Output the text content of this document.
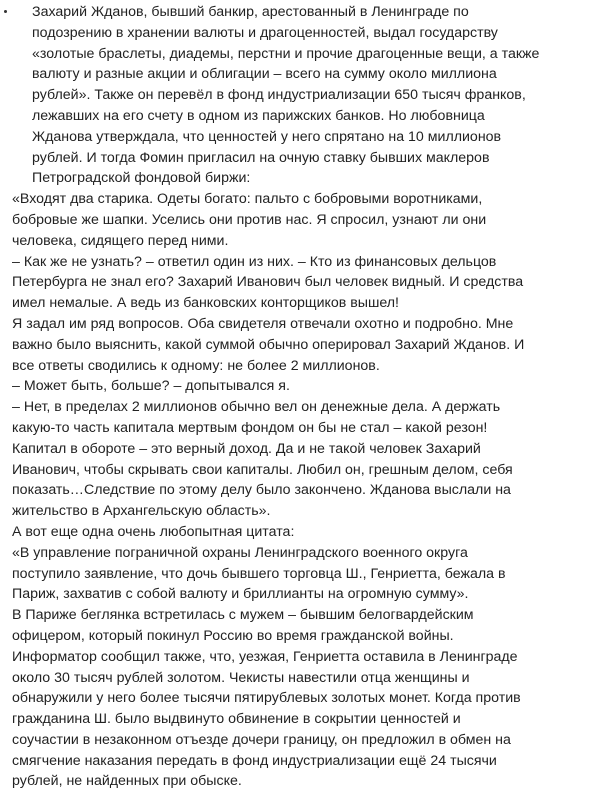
Захарий Жданов, бывший банкир, арестованный в Ленинграде по
подозрению в хранении валюты и драгоценностей, выдал государству
«золотые браслеты, диадемы, перстни и прочие драгоценные вещи, а также
валюту и разные акции и облигации – всего на сумму около миллиона
рублей». Также он перевёл в фонд индустриализации 650 тысяч франков,
лежавших на его счету в одном из парижских банков. Но любовница
Жданова утверждала, что ценностей у него спрятано на 10 миллионов
рублей. И тогда Фомин пригласил на очную ставку бывших маклеров
Петроградской фондовой биржи:
«Входят два старика. Одеты богато: пальто с бобровыми воротниками,
бобровые же шапки. Уселись они против нас. Я спросил, узнают ли они
человека, сидящего перед ними.
– Как же не узнать? – ответил один из них. – Кто из финансовых дельцов
Петербурга не знал его? Захарий Иванович был человек видный. И средства
имел немалые. А ведь из банковских конторщиков вышел!
Я задал им ряд вопросов. Оба свидетеля отвечали охотно и подробно. Мне
важно было выяснить, какой суммой обычно оперировал Захарий Жданов. И
все ответы сводились к одному: не более 2 миллионов.
– Может быть, больше? – допытывался я.
– Нет, в пределах 2 миллионов обычно вел он денежные дела. А держать
какую-то часть капитала мертвым фондом он бы не стал – какой резон!
Капитал в обороте – это верный доход. Да и не такой человек Захарий
Иванович, чтобы скрывать свои капиталы. Любил он, грешным делом, себя
показать…Следствие по этому делу было закончено. Жданова выслали на
жительство в Архангельскую область».
А вот еще одна очень любопытная цитата:
«В управление пограничной охраны Ленинградского военного округа
поступило заявление, что дочь бывшего торговца Ш., Генриетта, бежала в
Париж, захватив с собой валюту и бриллианты на огромную сумму».
В Париже беглянка встретилась с мужем – бывшим белогвардейским
офицером, который покинул Россию во время гражданской войны.
Информатор сообщил также, что, уезжая, Генриетта оставила в Ленинграде
около 30 тысяч рублей золотом. Чекисты навестили отца женщины и
обнаружили у него более тысячи пятирублевых золотых монет. Когда против
гражданина Ш. было выдвинуто обвинение в сокрытии ценностей и
соучастии в незаконном отъезде дочери границу, он предложил в обмен на
смягчение наказания передать в фонд индустриализации ещё 24 тысячи
рублей, не найденных при обыске.
